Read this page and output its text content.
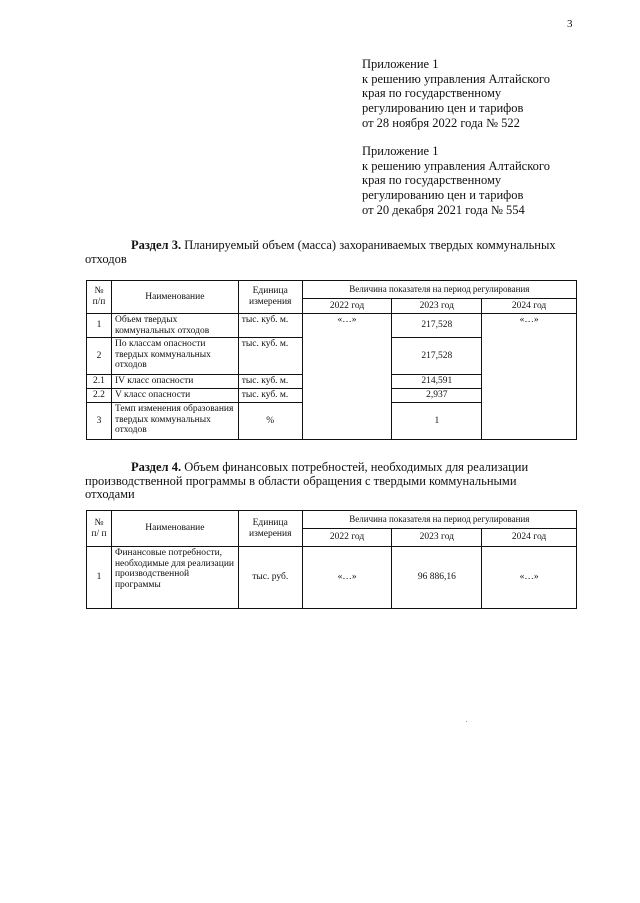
3
Приложение 1
к решению управления Алтайского
края по государственному
регулированию цен и тарифов
от 28 ноября 2022 года № 522
Приложение 1
к решению управления Алтайского
края по государственному
регулированию цен и тарифов
от 20 декабря 2021 года № 554
Раздел 3. Планируемый объем (масса) захораниваемых твердых коммунальных
отходов
№ п/п	Наименование	Единица измерения	Величина показателя на период регулирования		
			2022 год	2023 год	2024 год
1	Объем твердых коммунальных отходов	тыс. куб. м.	«…»	217,528	«…»
2	По классам опасности твердых коммунальных отходов	тыс. куб. м.		217,528	
2.1	IV класс опасности	тыс. куб. м.		214,591	
2.2	V класс опасности	тыс. куб. м.		2,937	
3	Темп изменения образования твердых коммунальных отходов	%		1	
Раздел 4. Объем финансовых потребностей, необходимых для реализации
производственной программы в области обращения с твердыми коммунальными
отходами
№ п/ п	Наименование	Единица измерения	Величина показателя на период регулирования		
			2022 год	2023 год	2024 год
1	Финансовые потребности, необходимые для реализации производственной программы	тыс. руб.	«…»	96 886,16	«…»
